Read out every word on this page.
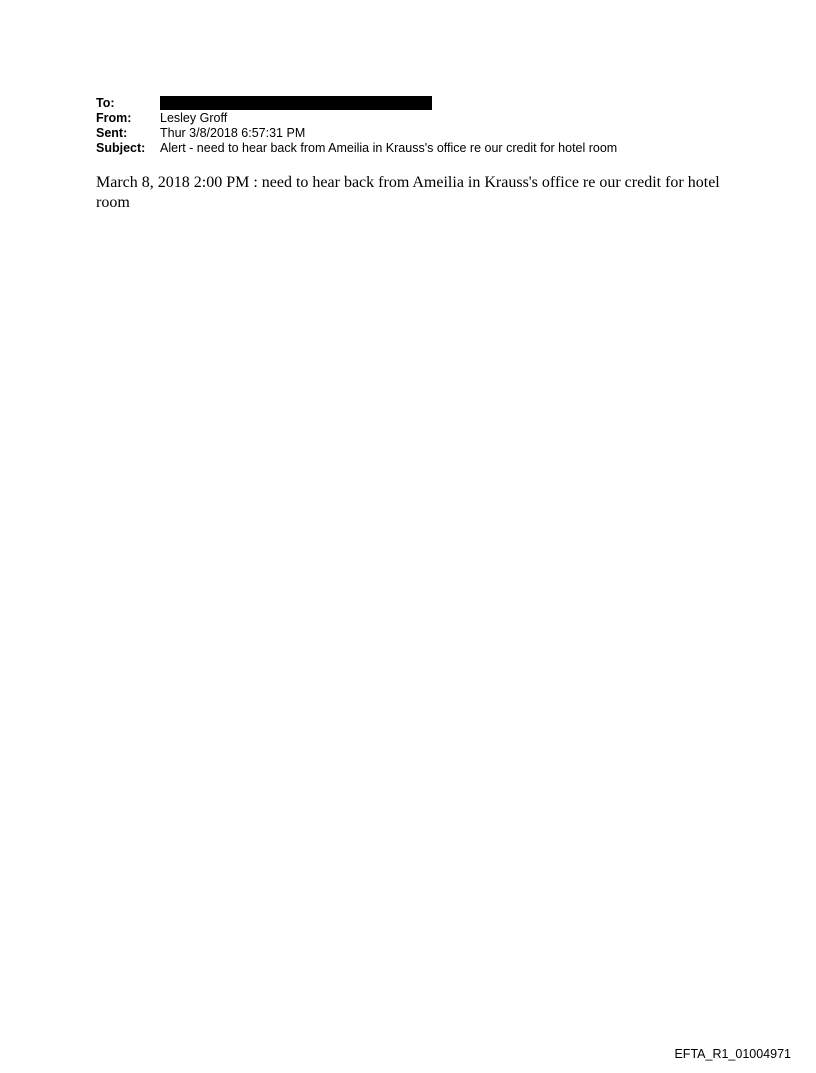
To:
From:	Lesley Groff
Sent:	Thur 3/8/2018 6:57:31 PM
Subject:	Alert - need to hear back from Ameilia in Krauss's office re our credit for hotel room
March 8, 2018 2:00 PM : need to hear back from Ameilia in Krauss's office re our credit for hotel room
EFTA_R1_01004971
